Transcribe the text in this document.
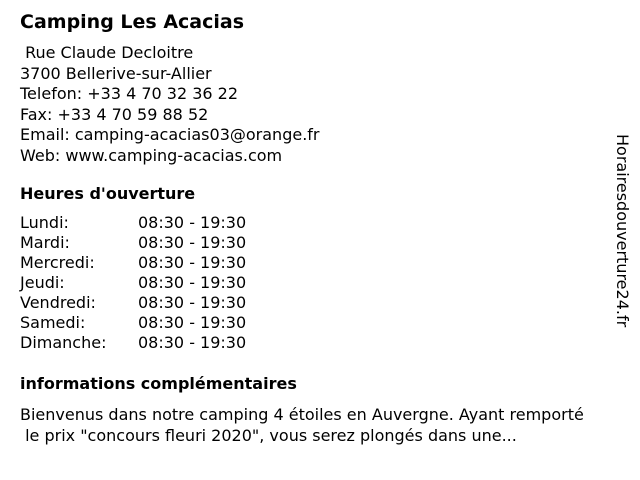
Camping Les Acacias
Rue Claude Decloitre
3700 Bellerive-sur-Allier
Telefon: +33 4 70 32 36 22
Fax: +33 4 70 59 88 52
Email: camping-acacias03@orange.fr
Web: www.camping-acacias.com
Heures d'ouverture
Lundi:	08:30 - 19:30
Mardi:	08:30 - 19:30
Mercredi:	08:30 - 19:30
Jeudi:	08:30 - 19:30
Vendredi:	08:30 - 19:30
Samedi:	08:30 - 19:30
Dimanche: 08:30 - 19:30
informations complémentaires
Bienvenus dans notre camping 4 étoiles en Auvergne. Ayant remporté
le prix "concours fleuri 2020", vous serez plongés dans une...
Horairesdouverture24.fr
